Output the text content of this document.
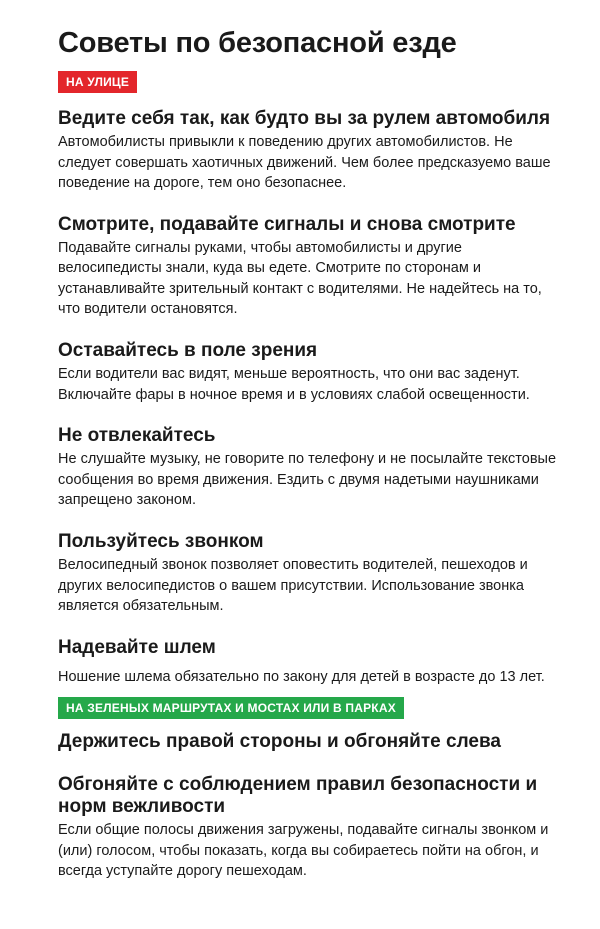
Советы по безопасной езде
НА УЛИЦЕ
Ведите себя так, как будто вы за рулем автомобиля

Автомобилисты привыкли к поведению других автомобилистов. Не следует совершать хаотичных движений. Чем более предсказуемо ваше поведение на дороге, тем оно безопаснее.

Смотрите, подавайте сигналы и снова смотрите

Подавайте сигналы руками, чтобы автомобилисты и другие велосипедисты знали, куда вы едете. Смотрите по сторонам и устанавливайте зрительный контакт с водителями. Не надейтесь на то, что водители остановятся.

Оставайтесь в поле зрения

Если водители вас видят, меньше вероятность, что они вас заденут. Включайте фары в ночное время и в условиях слабой освещенности.

Не отвлекайтесь

Не слушайте музыку, не говорите по телефону и не посылайте текстовые сообщения во время движения. Ездить с двумя надетыми наушниками запрещено законом.

Пользуйтесь звонком

Велосипедный звонок позволяет оповестить водителей, пешеходов и других велосипедистов о вашем присутствии. Использование звонка является обязательным.

Надевайте шлем

Ношение шлема обязательно по закону для детей в возрасте до 13 лет.

НА ЗЕЛЕНЫХ МАРШРУТАХ И МОСТАХ ИЛИ В ПАРКАХ
Держитесь правой стороны и обгоняйте слева
Обгоняйте с соблюдением правил безопасности и норм вежливости

Если общие полосы движения загружены, подавайте сигналы звонком и (или) голосом, чтобы показать, когда вы собираетесь пойти на обгон, и всегда уступайте дорогу пешеходам.
